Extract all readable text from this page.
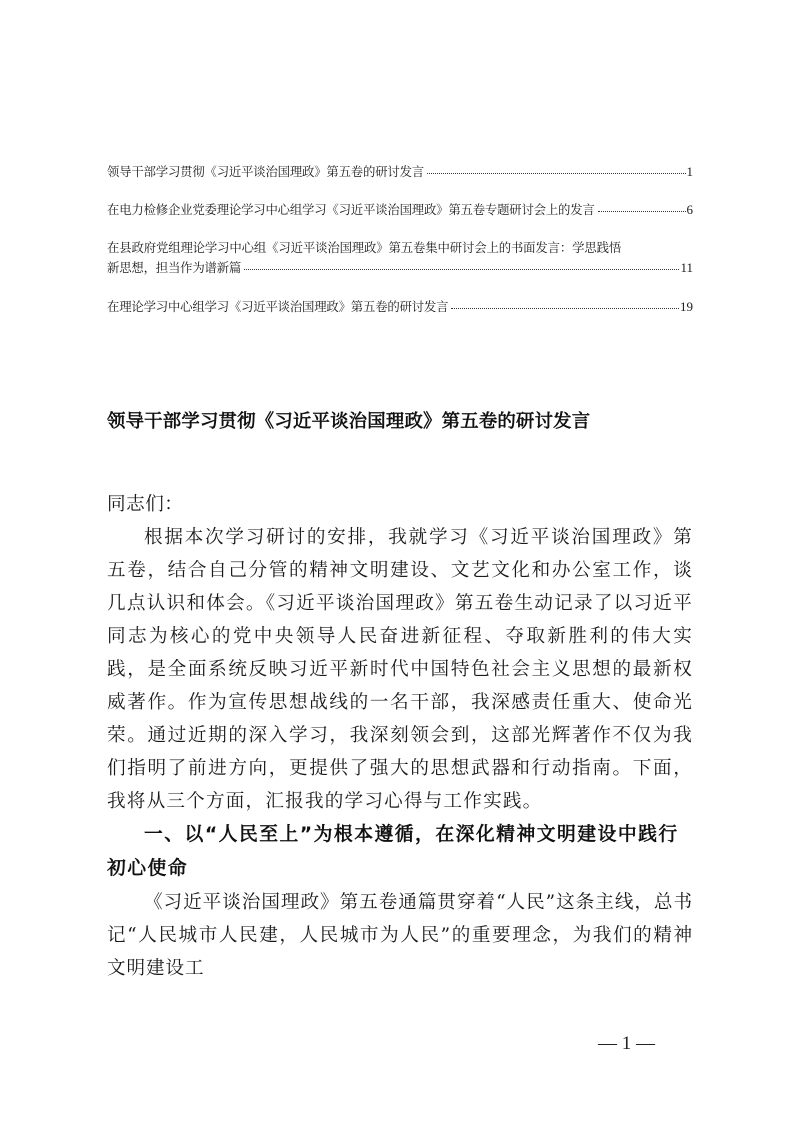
领导干部学习贯彻《习近平谈治国理政》第五卷的研讨发言	1
在电力检修企业党委理论学习中心组学习《习近平谈治国理政》第五卷专题研讨会上的发言	6
在县政府党组理论学习中心组《习近平谈治国理政》第五卷集中研讨会上的书面发言：学思践悟
新思想，担当作为谱新篇	11
在理论学习中心组学习《习近平谈治国理政》第五卷的研讨发言	19
领导干部学习贯彻《习近平谈治国理政》第五卷的研讨发言

同志们：

根据本次学习研讨的安排，我就学习《习近平谈治国理政》第五卷，结合自己分管的精神文明建设、文艺文化和办公室工作，谈几点认识和体会。《习近平谈治国理政》第五卷生动记录了以习近平同志为核心的党中央领导人民奋进新征程、夺取新胜利的伟大实践，是全面系统反映习近平新时代中国特色社会主义思想的最新权威著作。作为宣传思想战线的一名干部，我深感责任重大、使命光荣。通过近期的深入学习，我深刻领会到，这部光辉著作不仅为我们指明了前进方向，更提供了强大的思想武器和行动指南。下面，我将从三个方面，汇报我的学习心得与工作实践。

一、以“人民至上”为根本遵循，在深化精神文明建设中践行初心使命

《习近平谈治国理政》第五卷通篇贯穿着“人民”这条主线，总书记“人民城市人民建，人民城市为人民”的重要理念，为我们的精神文明建设工

— 1 —
